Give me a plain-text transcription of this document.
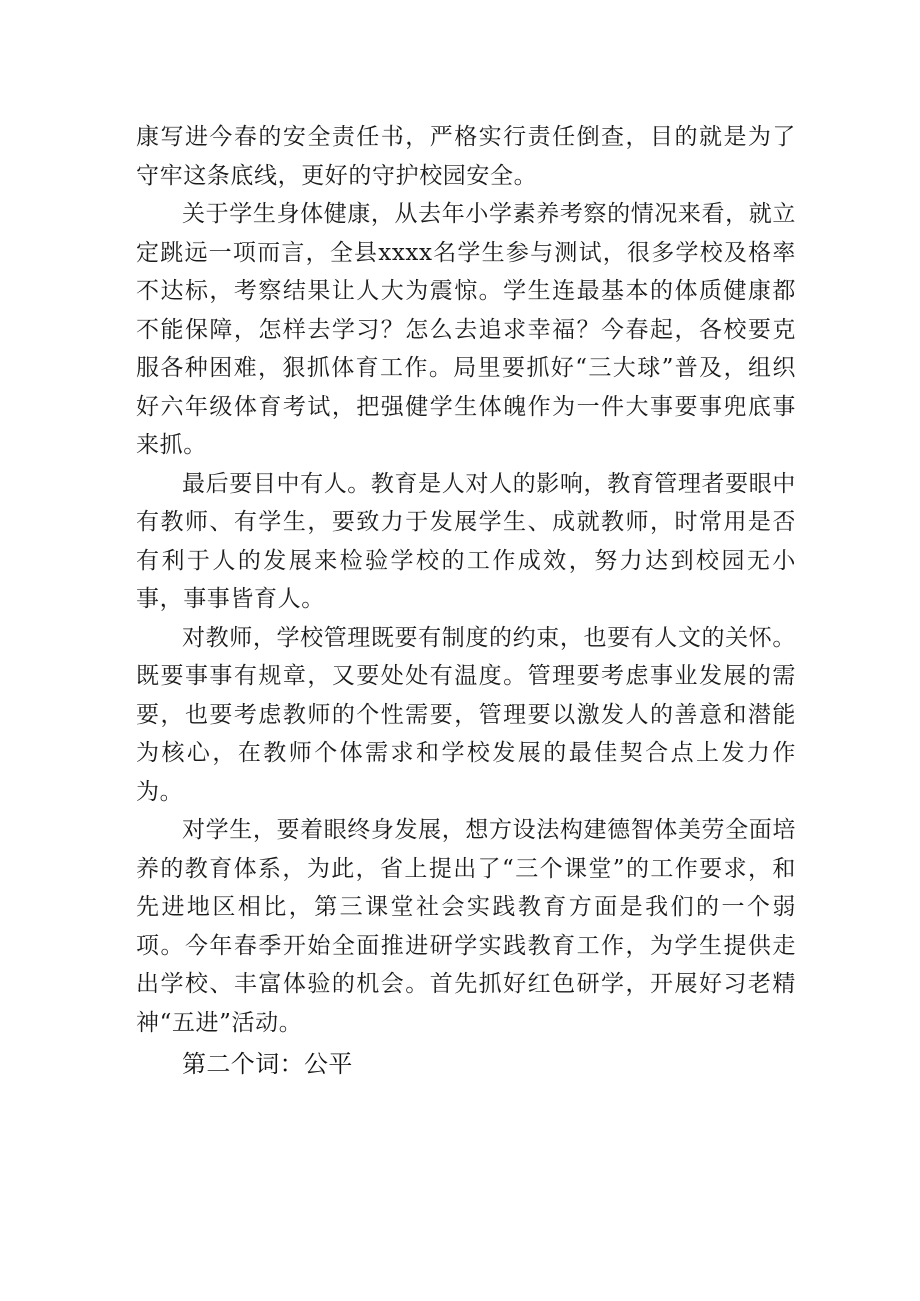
康写进今春的安全责任书，严格实行责任倒查，目的就是为了守牢这条底线，更好的守护校园安全。

关于学生身体健康，从去年小学素养考察的情况来看，就立定跳远一项而言，全县xxxx名学生参与测试，很多学校及格率不达标，考察结果让人大为震惊。学生连最基本的体质健康都不能保障，怎样去学习？怎么去追求幸福？今春起，各校要克服各种困难，狠抓体育工作。局里要抓好“三大球”普及，组织好六年级体育考试，把强健学生体魄作为一件大事要事兜底事来抓。

最后要目中有人。教育是人对人的影响，教育管理者要眼中有教师、有学生，要致力于发展学生、成就教师，时常用是否有利于人的发展来检验学校的工作成效，努力达到校园无小事，事事皆育人。

对教师，学校管理既要有制度的约束，也要有人文的关怀。既要事事有规章，又要处处有温度。管理要考虑事业发展的需要，也要考虑教师的个性需要，管理要以激发人的善意和潜能为核心，在教师个体需求和学校发展的最佳契合点上发力作为。

对学生，要着眼终身发展，想方设法构建德智体美劳全面培养的教育体系，为此，省上提出了“三个课堂”的工作要求，和先进地区相比，第三课堂社会实践教育方面是我们的一个弱项。今年春季开始全面推进研学实践教育工作，为学生提供走出学校、丰富体验的机会。首先抓好红色研学，开展好习老精神“五进”活动。

第二个词：公平
